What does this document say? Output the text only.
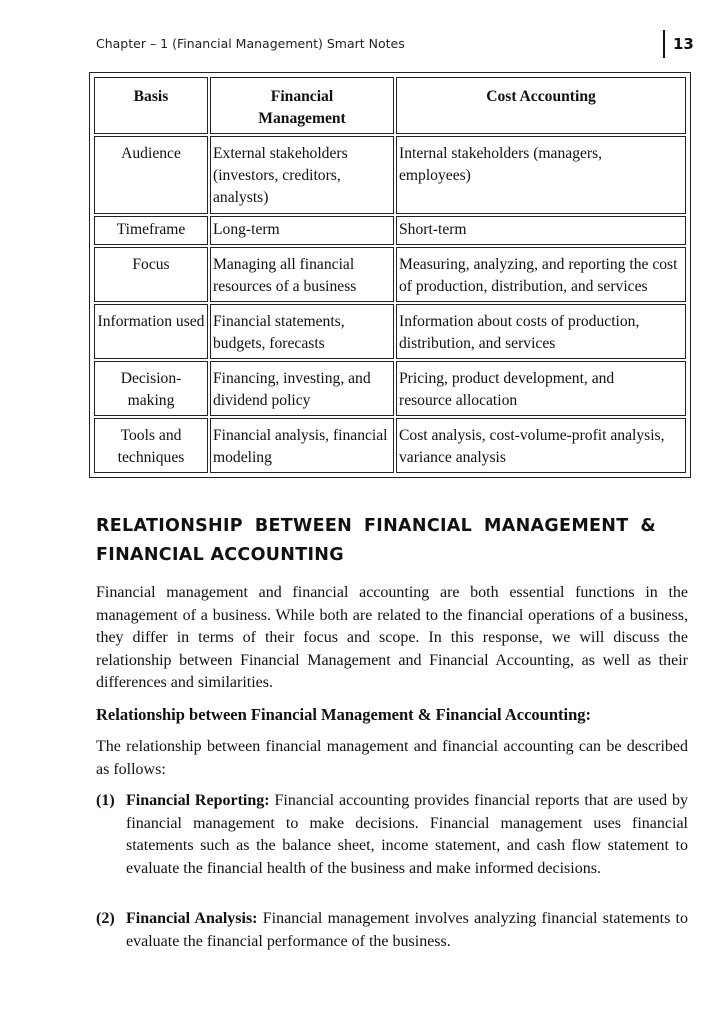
Chapter – 1 (Financial Management) Smart Notes	13
Basis	Financial Management	Cost Accounting
Audience	External stakeholders (investors, creditors, analysts)	Internal stakeholders (managers, employees)
Timeframe	Long-term	Short-term
Focus	Managing all financial resources of a business	Measuring, analyzing, and reporting the cost of production, distribution, and services
Information used	Financial statements, budgets, forecasts	Information about costs of production, distribution, and services
Decision-making	Financing, investing, and dividend policy	Pricing, product development, and resource allocation
Tools and techniques	Financial analysis, financial modeling	Cost analysis, cost-volume-profit analysis, variance analysis
RELATIONSHIP BETWEEN FINANCIAL MANAGEMENT &
FINANCIAL ACCOUNTING
Financial management and financial accounting are both essential functions in the management of a business. While both are related to the financial operations of a business, they differ in terms of their focus and scope. In this response, we will discuss the relationship between Financial Management and Financial Accounting, as well as their differences and similarities.
Relationship between Financial Management & Financial Accounting:
The relationship between financial management and financial accounting can be described as follows:
(1) Financial Reporting: Financial accounting provides financial reports that are used by financial management to make decisions. Financial management uses financial statements such as the balance sheet, income statement, and cash flow statement to evaluate the financial health of the business and make informed decisions.
(2) Financial Analysis: Financial management involves analyzing financial statements to evaluate the financial performance of the business.
